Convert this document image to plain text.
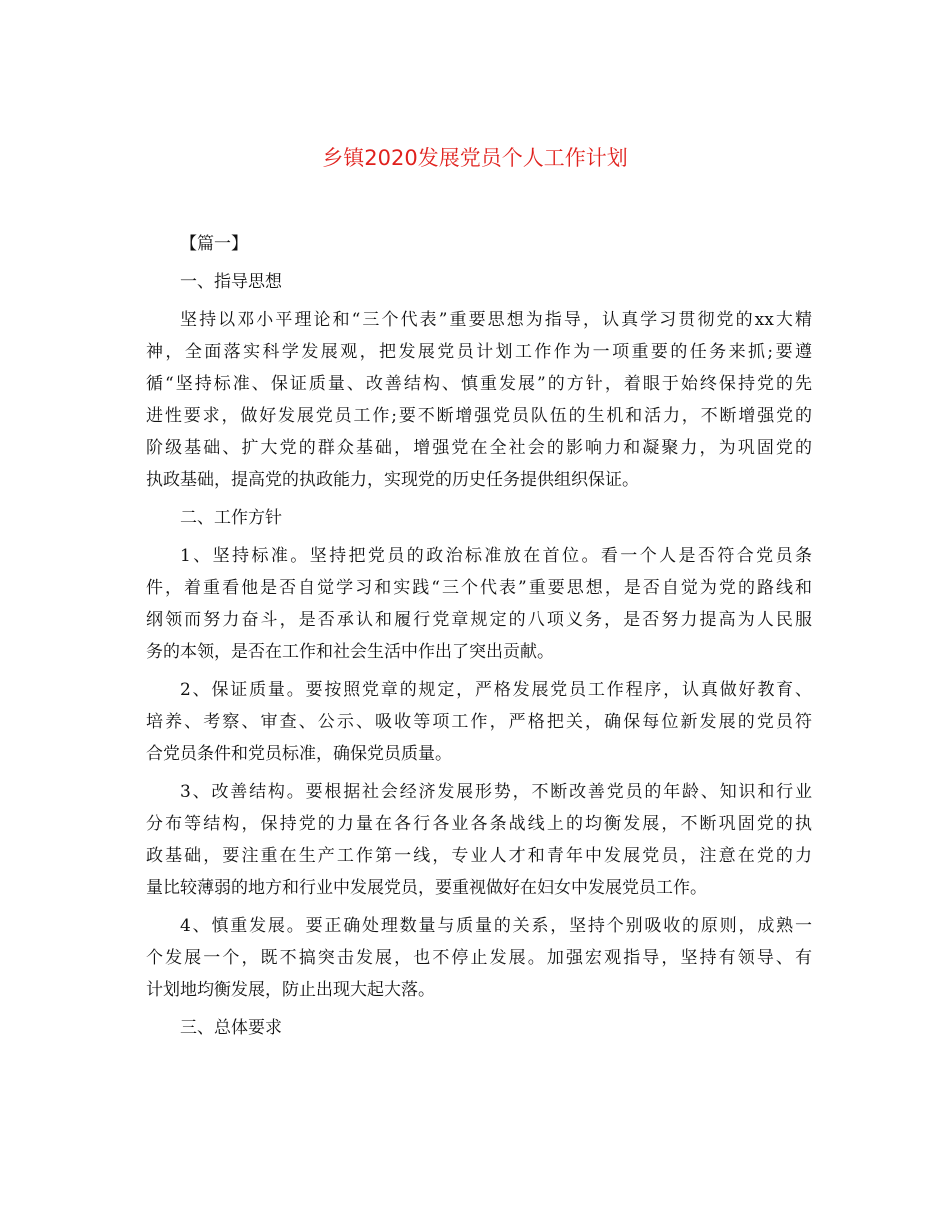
乡镇2020发展党员个人工作计划
【篇一】
一、指导思想
坚持以邓小平理论和“三个代表”重要思想为指导，认真学习贯彻党的xx大精
神，全面落实科学发展观，把发展党员计划工作作为一项重要的任务来抓;要遵
循“坚持标准、保证质量、改善结构、慎重发展”的方针，着眼于始终保持党的先
进性要求，做好发展党员工作;要不断增强党员队伍的生机和活力，不断增强党的
阶级基础、扩大党的群众基础，增强党在全社会的影响力和凝聚力，为巩固党的
执政基础，提高党的执政能力，实现党的历史任务提供组织保证。
二、工作方针
1、坚持标准。坚持把党员的政治标准放在首位。看一个人是否符合党员条
件，着重看他是否自觉学习和实践“三个代表”重要思想，是否自觉为党的路线和
纲领而努力奋斗，是否承认和履行党章规定的八项义务，是否努力提高为人民服
务的本领，是否在工作和社会生活中作出了突出贡献。
2、保证质量。要按照党章的规定，严格发展党员工作程序，认真做好教育、
培养、考察、审查、公示、吸收等项工作，严格把关，确保每位新发展的党员符
合党员条件和党员标准，确保党员质量。
3、改善结构。要根据社会经济发展形势，不断改善党员的年龄、知识和行业
分布等结构，保持党的力量在各行各业各条战线上的均衡发展，不断巩固党的执
政基础，要注重在生产工作第一线，专业人才和青年中发展党员，注意在党的力
量比较薄弱的地方和行业中发展党员，要重视做好在妇女中发展党员工作。
4、慎重发展。要正确处理数量与质量的关系，坚持个别吸收的原则，成熟一
个发展一个，既不搞突击发展，也不停止发展。加强宏观指导，坚持有领导、有
计划地均衡发展，防止出现大起大落。
三、总体要求
